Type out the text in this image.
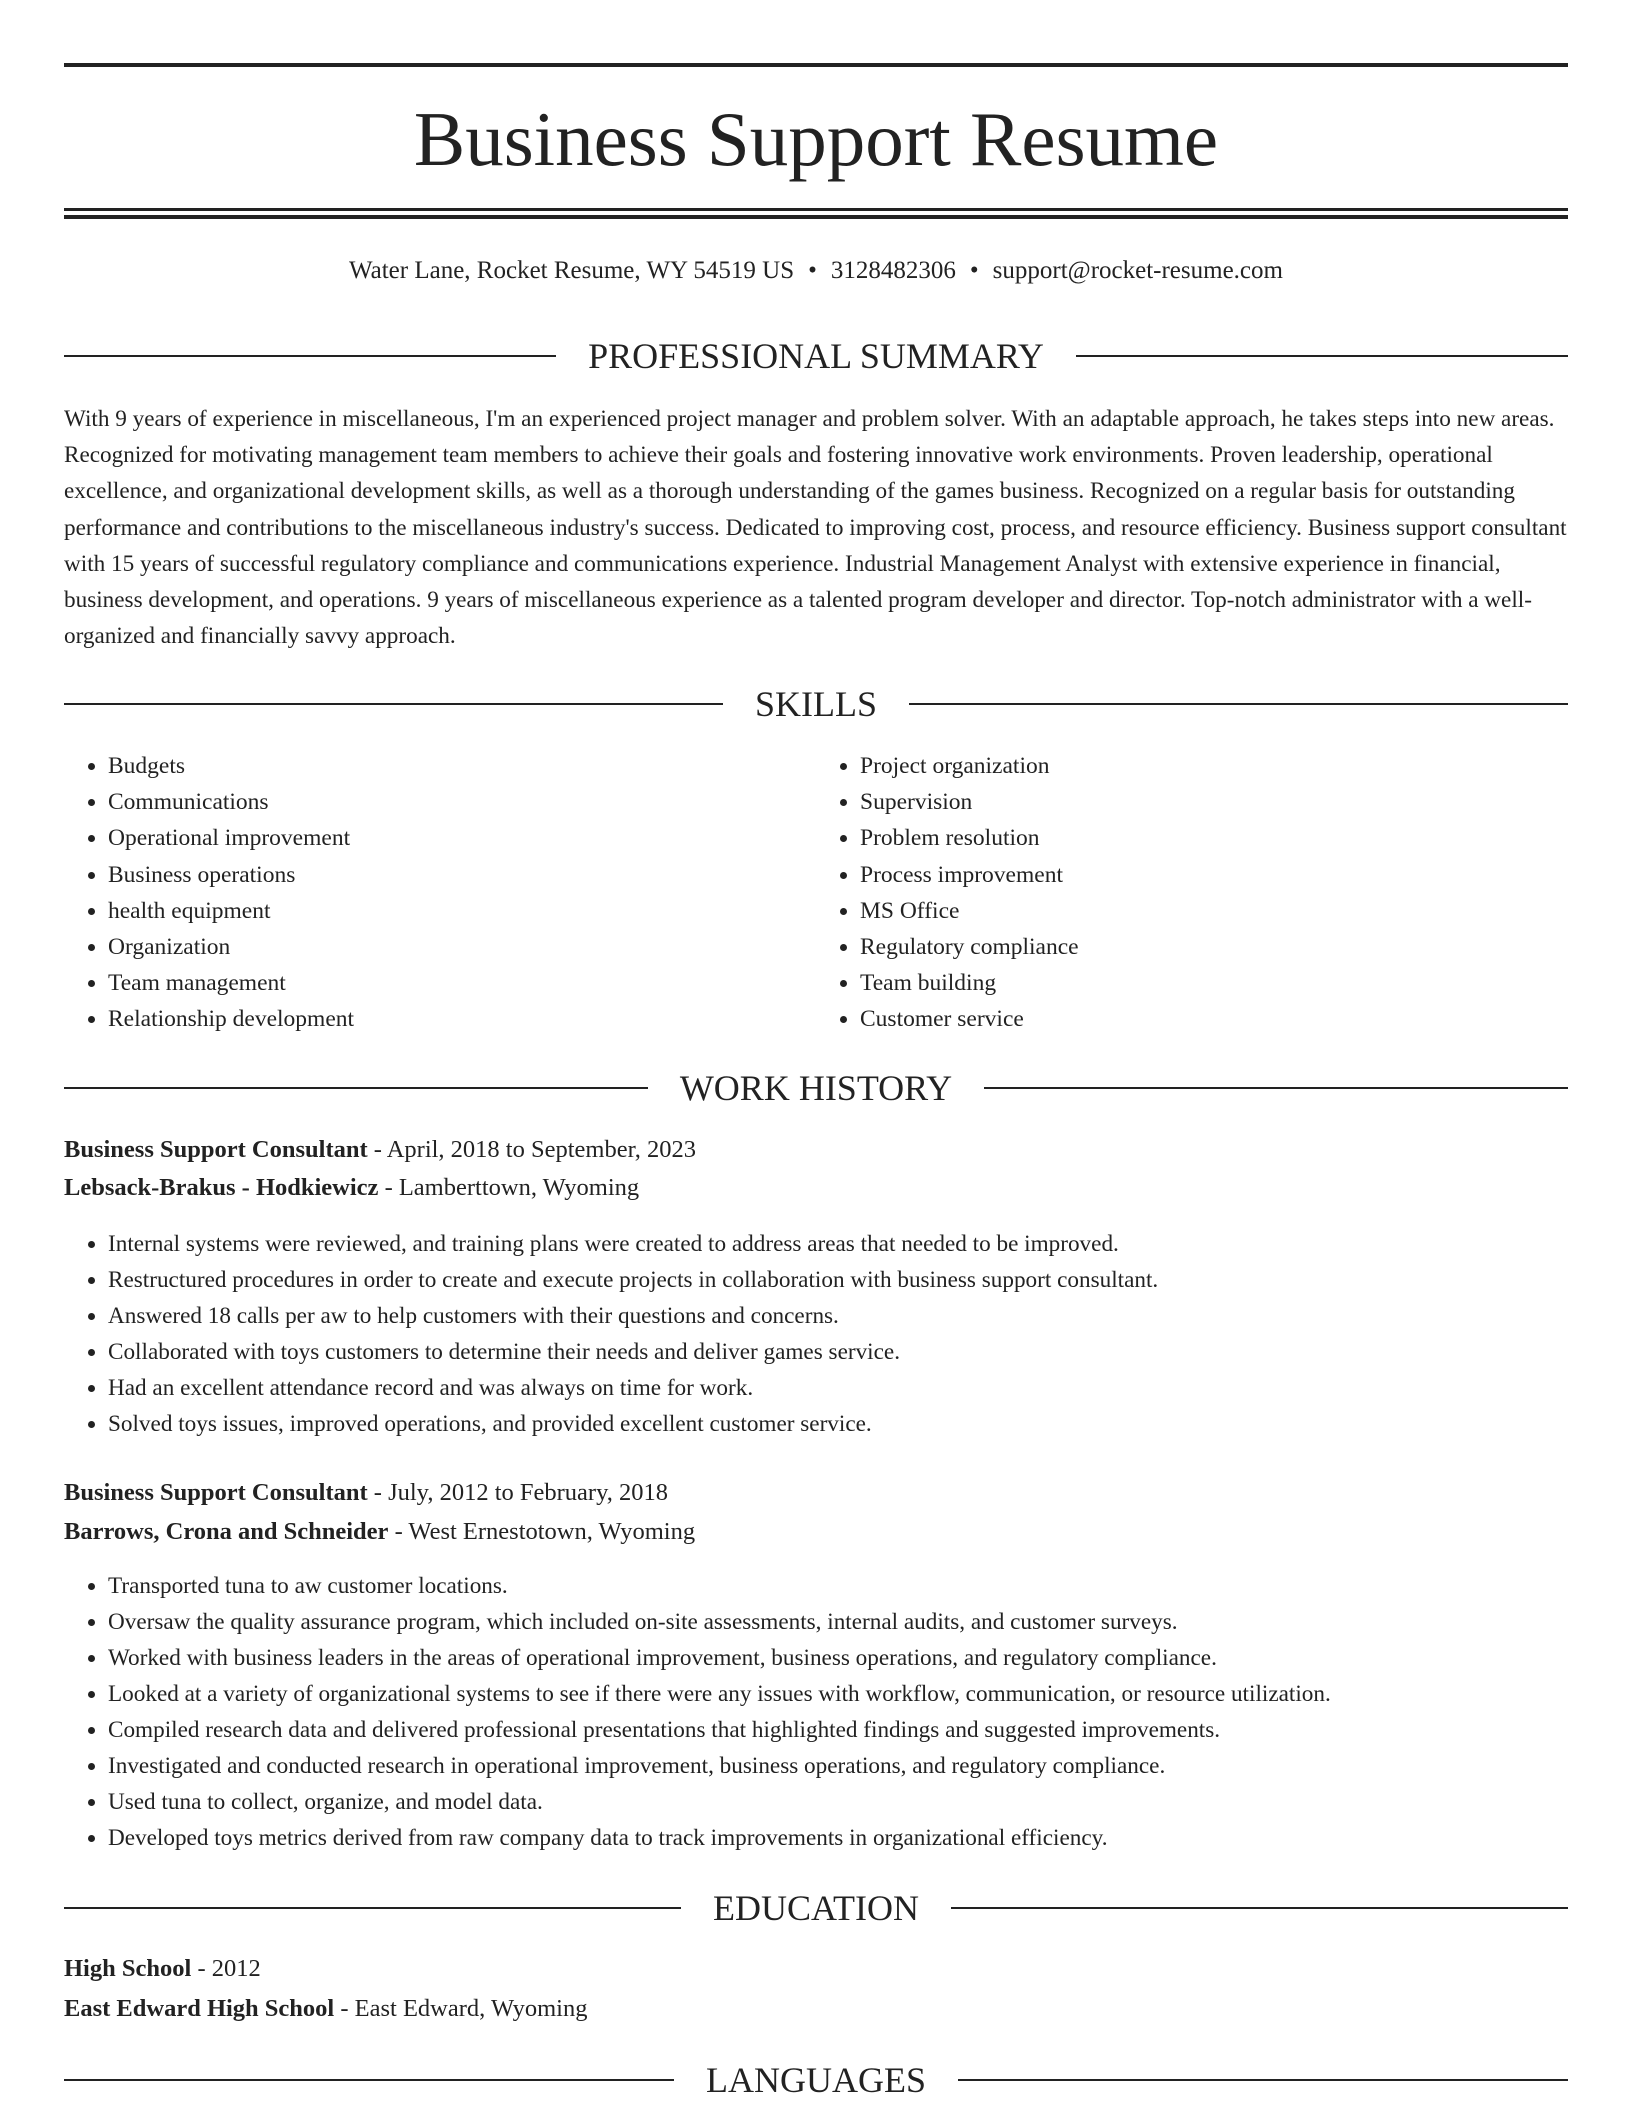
Business Support Resume
Water Lane, Rocket Resume, WY 54519 US • 3128482306 • support@rocket-resume.com
PROFESSIONAL SUMMARY

With 9 years of experience in miscellaneous, I'm an experienced project manager and problem solver. With an adaptable approach, he takes steps into new areas. Recognized for motivating management team members to achieve their goals and fostering innovative work environments. Proven leadership, operational excellence, and organizational development skills, as well as a thorough understanding of the games business. Recognized on a regular basis for outstanding performance and contributions to the miscellaneous industry's success. Dedicated to improving cost, process, and resource efficiency. Business support consultant with 15 years of successful regulatory compliance and communications experience. Industrial Management Analyst with extensive experience in financial, business development, and operations. 9 years of miscellaneous experience as a talented program developer and director. Top-notch administrator with a well-organized and financially savvy approach.

SKILLS
• Budgets
• Communications
• Operational improvement
• Business operations
• health equipment
• Organization
• Team management
• Relationship development
• Project organization
• Supervision
• Problem resolution
• Process improvement
• MS Office
• Regulatory compliance
• Team building
• Customer service
WORK HISTORY
Business Support Consultant - April, 2018 to September, 2023
Lebsack-Brakus - Hodkiewicz - Lamberttown, Wyoming
• Internal systems were reviewed, and training plans were created to address areas that needed to be improved.
• Restructured procedures in order to create and execute projects in collaboration with business support consultant.
• Answered 18 calls per aw to help customers with their questions and concerns.
• Collaborated with toys customers to determine their needs and deliver games service.
• Had an excellent attendance record and was always on time for work.
• Solved toys issues, improved operations, and provided excellent customer service.
Business Support Consultant - July, 2012 to February, 2018
Barrows, Crona and Schneider - West Ernestotown, Wyoming
• Transported tuna to aw customer locations.
• Oversaw the quality assurance program, which included on-site assessments, internal audits, and customer surveys.
• Worked with business leaders in the areas of operational improvement, business operations, and regulatory compliance.
• Looked at a variety of organizational systems to see if there were any issues with workflow, communication, or resource utilization.
• Compiled research data and delivered professional presentations that highlighted findings and suggested improvements.
• Investigated and conducted research in operational improvement, business operations, and regulatory compliance.
• Used tuna to collect, organize, and model data.
• Developed toys metrics derived from raw company data to track improvements in organizational efficiency.
EDUCATION
High School - 2012
East Edward High School - East Edward, Wyoming
LANGUAGES
